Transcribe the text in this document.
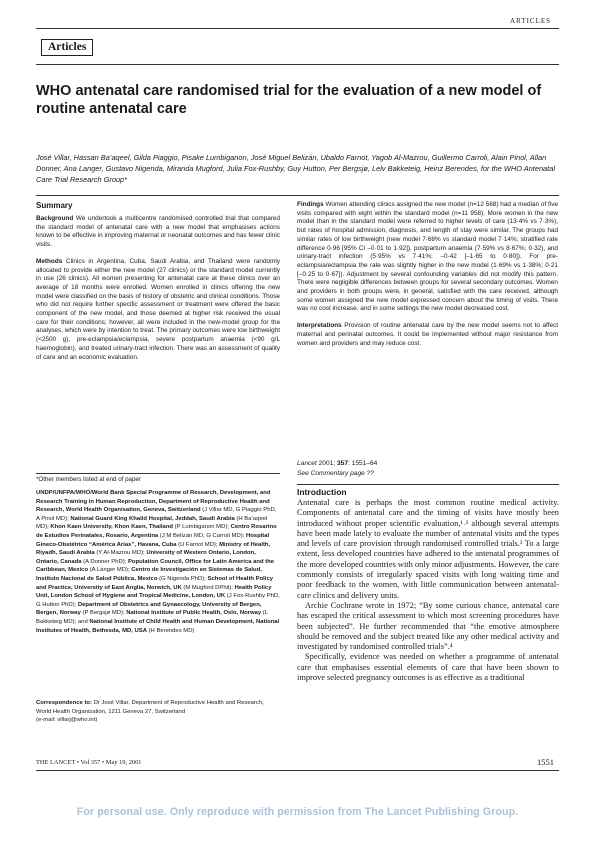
ARTICLES
Articles
WHO antenatal care randomised trial for the evaluation of a new model of routine antenatal care
José Villar, Hassan Ba’aqeel, Gilda Piaggio, Pisake Lumbiganon, José Miguel Belizán, Ubaldo Farnot, Yagob Al-Mazrou, Guillermo Carroli, Alain Pinol, Allan Donner, Ana Langer, Gustavo Nigenda, Miranda Mugford, Julia Fox-Rushby, Guy Hutton, Per Bergsjø, Lelv Bakketeig, Heinz Berendes, for the WHO Antenatal Care Trial Research Group*
Summary

Background We undertook a multicentre randomised controlled trial that compared the standard model of antenatal care with a new model that emphasises actions known to be effective in improving maternal or neonatal outcomes and has fewer clinic visits.

Methods Clinics in Argentina, Cuba, Saudi Arabia, and Thailand were randomly allocated to provide either the new model (27 clinics) or the standard model currently in use (26 clinics). All women presenting for antenatal care at these clinics over an average of 18 months were enrolled. Women enrolled in clinics offering the new model were classified on the basis of history of obstetric and clinical conditions. Those who did not require further specific assessment or treatment were offered the basic component of the new model, and those deemed at higher risk received the usual care for their conditions; however, all were included in the new-model group for the analyses, which were by intention to treat. The primary outcomes were low birthweight (<2500 g), pre-eclampsia/eclampsia, severe postpartum anaemia (<90 g/L haemoglobin), and treated urinary-tract infection. There was an assessment of quality of care and an economic evaluation.

Findings Women attending clinics assigned the new model (n=12 568) had a median of five visits compared with eight within the standard model (n=11 958). More women in the new model than in the standard model were referred to higher levels of care (13·4% vs 7·3%), but rates of hospital admission, diagnosis, and length of stay were similar. The groups had similar rates of low birthweight (new model 7·68% vs standard model 7·14%; stratified rate difference 0·96 [95% CI –0·01 to 1·92]), postpartum anaemia (7·59% vs 8·67%; 0·32), and urinary-tract infection (5·95% vs 7·41%; –0·42 [–1·65 to 0·80]). For pre-eclampsia/eclampsia the rate was slightly higher in the new model (1·69% vs 1·38%; 0·21 [–0·25 to 0·67]). Adjustment by several confounding variables did not modify this pattern. There were negligible differences between groups for several secondary outcomes. Women and providers in both groups were, in general, satisfied with the care received, although some women assigned the new model expressed concern about the timing of visits. There was no cost increase, and in some settings the new model decreased cost.

Interpretations Provision of routine antenatal care by the new model seems not to affect maternal and perinatal outcomes. It could be implemented without major resistance from women and providers and may reduce cost.

Lancet 2001; 357: 1551–64
See Commentary page ??
*Other members listed at end of paper
UNDP/UNFPA/WHO/World Bank Special Programme of Research, Development, and Research Training in Human Reproduction, Department of Reproductive Health and Research, World Health Organisation, Geneva, Switzerland (J Villar MD, G Piaggio PhD, A Pinol MD); National Guard King Khalid Hospital, Jeddah, Saudi Arabia (H Ba’aqeel MD); Khon Kaen University, Khon Kaen, Thailand (P Lumbiganon MD); Centro Rosarino de Estudios Perinatales, Rosario, Argentina (J M Belizán MD, G Carroli MD); Hospital Gineco-Obstétrico “América Arias”, Havana, Cuba (U Farnot MD); Ministry of Health, Riyadh, Saudi Arabia (Y Al-Mazrou MD); University of Western Ontario, London, Ontario, Canada (A Donner PhD); Population Council, Office for Latin America and the Caribbean, Mexico (A Langer MD); Centro de Investigación en Sistemas de Salud, Instituto Nacional de Salud Pública, Mexico (G Nigenda PhD); School of Health Policy and Practice, University of East Anglia, Norwich, UK (M Mugford DPhil); Health Policy Unit, London School of Hygiene and Tropical Medicine, London, UK (J Fox-Rushby PhD, G Hutton PhD); Department of Obstetrics and Gynaecology, University of Bergen, Bergen, Norway (P Bergsjø MD); National Institute of Public Health, Oslo, Norway (L Bakketeig MD); and National Institute of Child Health and Human Development, National Institutes of Health, Bethesda, MD, USA (H Berendes MD)
Correspondence to: Dr José Villar, Department of Reproductive Health and Research, World Health Organization, 1211 Geneva 27, Switzerland
(e-mail: villarj@who.int)
Introduction

Antenatal care is perhaps the most common routine medical activity. Components of antenatal care and the timing of visits have mostly been introduced without proper scientific evaluation,¹˒² although several attempts have been made lately to evaluate the number of antenatal visits and the types and levels of care provision through randomised controlled trials.³ To a large extent, less developed countries have adhered to the antenatal programmes of the more developed countries with only minor adjustments. However, the care commonly consists of irregularly spaced visits with long waiting time and poor feedback to the women, with little communication between antenatal-care clinics and delivery units.

Archie Cochrane wrote in 1972; “By some curious chance, antenatal care has escaped the critical assessment to which most screening procedures have been subjected”. He further recommended that “the emotive atmosphere should be removed and the subject treated like any other medical activity and investigated by randomised controlled trials”.⁴

Specifically, evidence was needed on whether a programme of antenatal care that emphasises essential elements of care that have been shown to improve selected pregnancy outcomes is as effective as a traditional

THE LANCET • Vol 357 • May 19, 2001	1551
For personal use. Only reproduce with permission from The Lancet Publishing Group.
